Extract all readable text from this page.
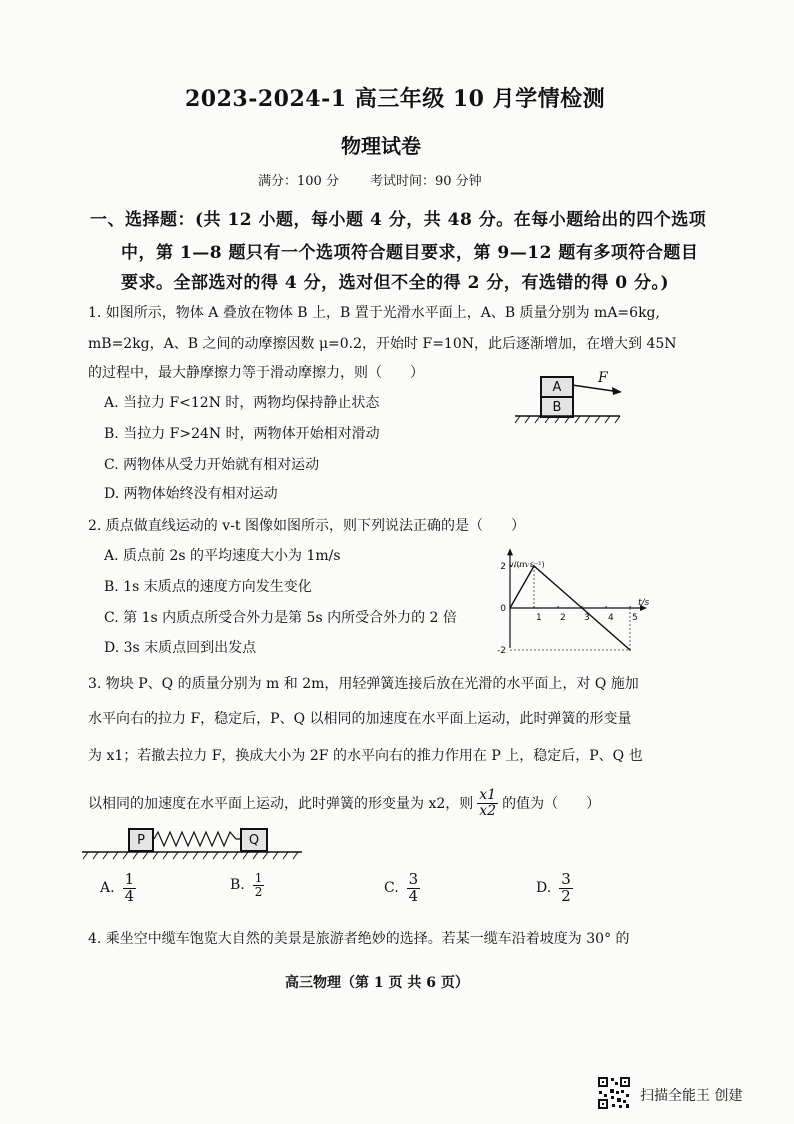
2023-2024-1 高三年级 10 月学情检测
物理试卷
满分：100 分 考试时间：90 分钟
一、选择题：(共 12 小题，每小题 4 分，共 48 分。在每小题给出的四个选项
中，第 1—8 题只有一个选项符合题目要求，第 9—12 题有多项符合题目
要求。全部选对的得 4 分，选对但不全的得 2 分，有选错的得 0 分。)
1. 如图所示，物体 A 叠放在物体 B 上，B 置于光滑水平面上，A、B 质量分别为 mA=6kg,
mB=2kg，A、B 之间的动摩擦因数 μ=0.2，开始时 F=10N，此后逐渐增加，在增大到 45N
的过程中，最大静摩擦力等于滑动摩擦力，则（　　）
A. 当拉力 F<12N 时，两物均保持静止状态
B. 当拉力 F>24N 时，两物体开始相对滑动
C. 两物体从受力开始就有相对运动
D. 两物体始终没有相对运动
A
B
F
2. 质点做直线运动的 v-t 图像如图所示，则下列说法正确的是（　　）
A. 质点前 2s 的平均速度大小为 1m/s
B. 1s 末质点的速度方向发生变化
C. 第 1s 内质点所受合外力是第 5s 内所受合外力的 2 倍
D. 3s 末质点回到出发点
1 2 3 4 5
2
0
-2
v/(m·s⁻¹)
t/s
3. 物块 P、Q 的质量分别为 m 和 2m，用轻弹簧连接后放在光滑的水平面上，对 Q 施加
水平向右的拉力 F，稳定后，P、Q 以相同的加速度在水平面上运动，此时弹簧的形变量
为 x1；若撤去拉力 F，换成大小为 2F 的水平向右的推力作用在 P 上，稳定后，P、Q 也
以相同的加速度在水平面上运动，此时弹簧的形变量为 x2，则 $\frac{x1}{x2}$ 的值为（　　）
P	Q
A. $\frac{1}{4}$	B. $\frac{1}{2}$	C. $\frac{3}{4}$	D. $\frac{3}{2}$
4. 乘坐空中缆车饱览大自然的美景是旅游者绝妙的选择。若某一缆车沿着坡度为 30° 的
高三物理（第 1 页 共 6 页）
扫描全能王 创建
